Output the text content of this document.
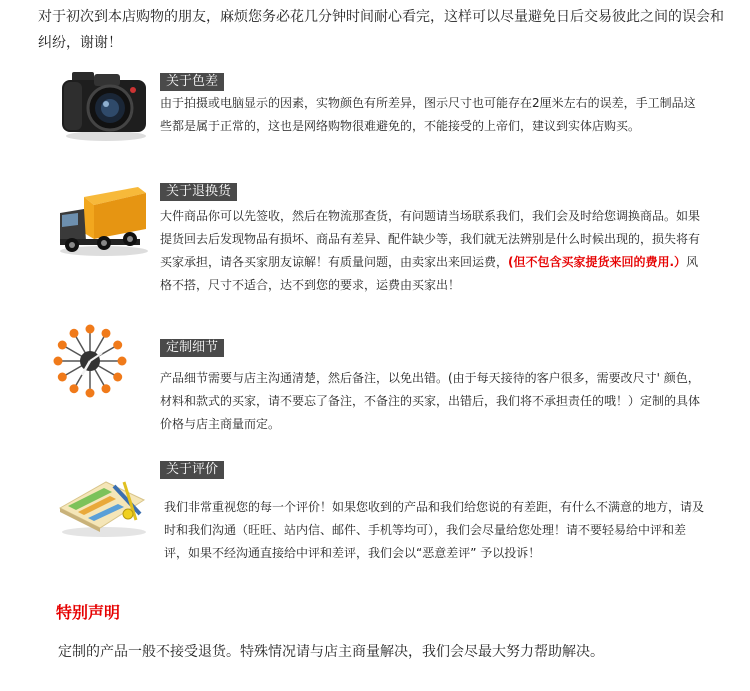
对于初次到本店购物的朋友，麻烦您务必花几分钟时间耐心看完，这样可以尽量避免日后交易彼此之间的误会和纠纷，谢谢！

关于色差

由于拍摄或电脑显示的因素，实物颜色有所差异，图示尺寸也可能存在2厘米左右的误差，手工制品这些都是属于正常的，这也是网络购物很难避免的，不能接受的上帝们，建议到实体店购买。

关于退换货

大件商品你可以先签收，然后在物流那查货，有问题请当场联系我们，我们会及时给您调换商品。如果提货回去后发现物品有损坏、商品有差异、配件缺少等，我们就无法辨别是什么时候出现的，损失将有买家承担，请各买家朋友谅解！有质量问题，由卖家出来回运费，(但不包含买家提货来回的费用.）风格不搭，尺寸不适合，达不到您的要求，运费由买家出！

定制细节

产品细节需要与店主沟通清楚，然后备注，以免出错。(由于每天接待的客户很多，需要改尺寸' 颜色，材料和款式的买家，请不要忘了备注，不备注的买家，出错后，我们将不承担责任的哦！）定制的具体价格与店主商量而定。

关于评价

我们非常重视您的每一个评价！如果您收到的产品和我们给您说的有差距，有什么不满意的地方，请及时和我们沟通（旺旺、站内信、邮件、手机等均可），我们会尽量给您处理！请不要轻易给中评和差评，如果不经沟通直接给中评和差评，我们会以“恶意差评” 予以投诉！

特别声明

定制的产品一般不接受退货。特殊情况请与店主商量解决，我们会尽最大努力帮助解决。
